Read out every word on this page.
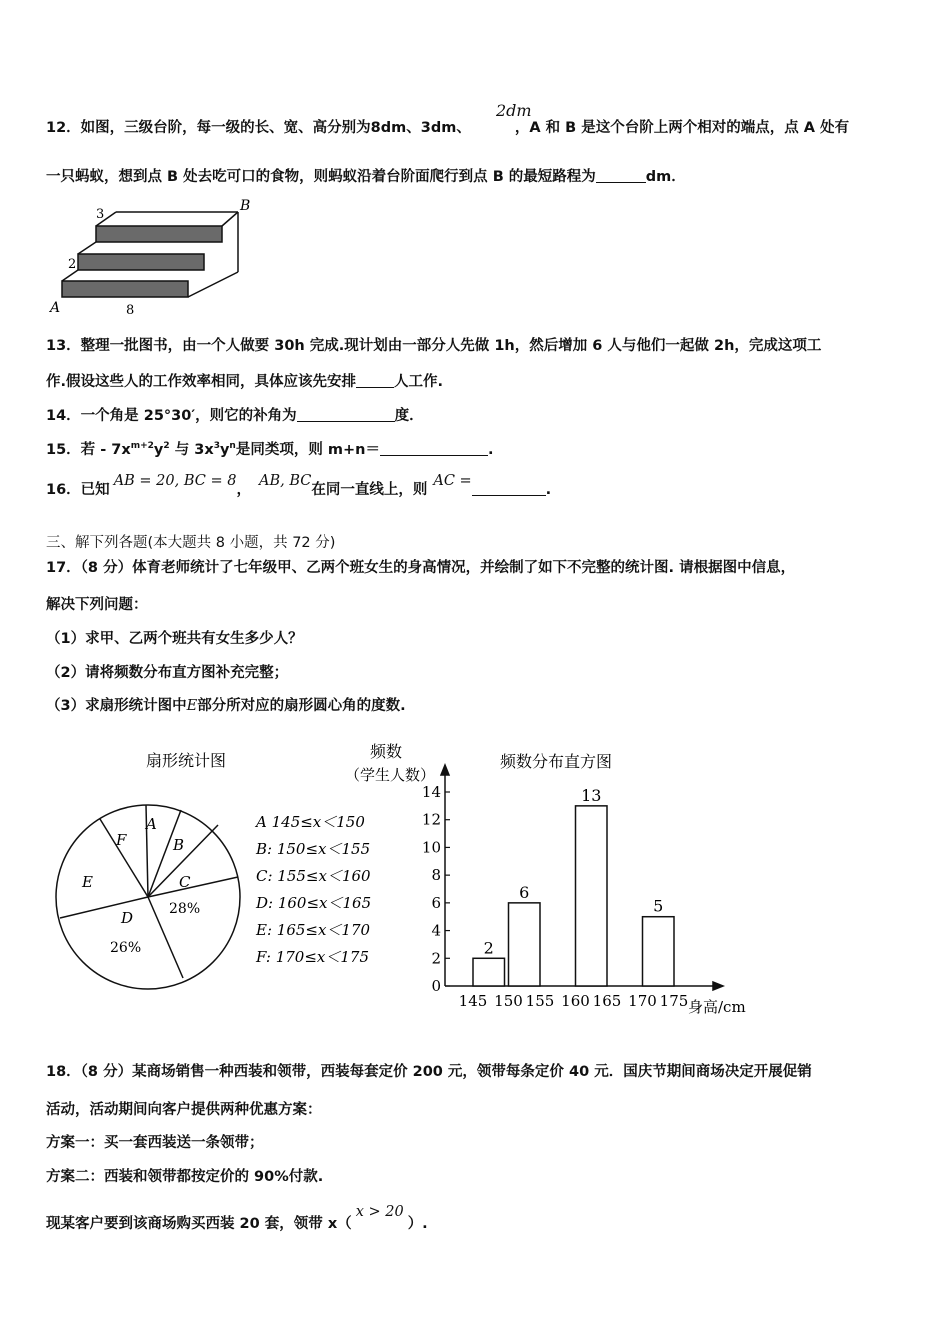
2dm
12．如图，三级台阶，每一级的长、宽、高分别为8dm、3dm、	，A 和 B 是这个台阶上两个相对的端点，点 A 处有
一只蚂蚁，想到点 B 处去吃可口的食物，则蚂蚁沿着台阶面爬行到点 B 的最短路程为	dm．
A
B
8
2
3
13．整理一批图书，由一个人做要 30h 完成.现计划由一部分人先做 1h，然后增加 6 人与他们一起做 2h，完成这项工
作.假设这些人的工作效率相同，具体应该先安排	人工作.
14．一个角是 25°30′，则它的补角为	度．
15．若 - $7x^{m+2}y^2$ 与 $3x^3y^n$是同类项，则 m+n＝	.
16．已知AB = 20, BC = 8，AB, BC在同一直线上，则AC =.
三、解下列各题(本大题共 8 小题，共 72 分)
17．（8 分）体育老师统计了七年级甲、乙两个班女生的身高情况，并绘制了如下不完整的统计图. 请根据图中信息，
解决下列问题：
（1）求甲、乙两个班共有女生多少人？
（2）请将频数分布直方图补充完整；
（3）求扇形统计图中E部分所对应的扇形圆心角的度数.
扇形统计图
A
B
C
D
E
F
28%
26%
A 145≤x＜150
B: 150≤x＜155
C: 155≤x＜160
D: 160≤x＜165
E: 165≤x＜170
F: 170≤x＜175
频数
（学生人数）
频数分布直方图
身高/cm
0
2
4
6
8
10
12
14
145 150 155 160 165 170 175
2
6
13
5
18．（8 分）某商场销售一种西装和领带，西装每套定价 200 元，领带每条定价 40 元．国庆节期间商场决定开展促销
活动，活动期间向客户提供两种优惠方案：
方案一：买一套西装送一条领带；
方案二：西装和领带都按定价的 90%付款.
现某客户要到该商场购买西装 20 套，领带 x（x > 20）.
